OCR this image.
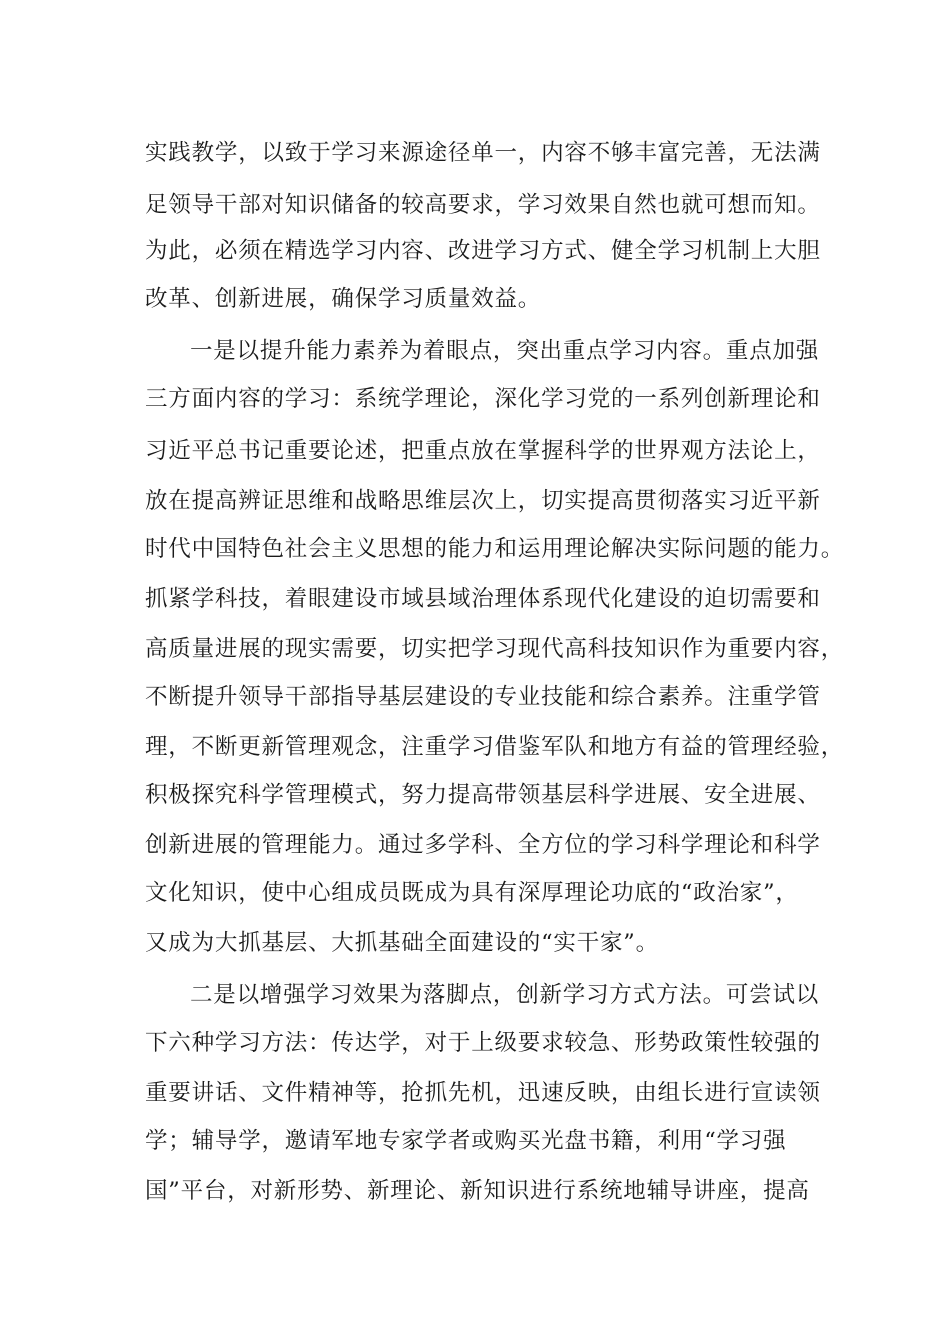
实践教学，以致于学习来源途径单一，内容不够丰富完善，无法满
足领导干部对知识储备的较高要求，学习效果自然也就可想而知。
为此，必须在精选学习内容、改进学习方式、健全学习机制上大胆
改革、创新进展，确保学习质量效益。
一是以提升能力素养为着眼点，突出重点学习内容。重点加强
三方面内容的学习：系统学理论，深化学习党的一系列创新理论和
习近平总书记重要论述，把重点放在掌握科学的世界观方法论上，
放在提高辨证思维和战略思维层次上，切实提高贯彻落实习近平新
时代中国特色社会主义思想的能力和运用理论解决实际问题的能力。
抓紧学科技，着眼建设市域县域治理体系现代化建设的迫切需要和
高质量进展的现实需要，切实把学习现代高科技知识作为重要内容，
不断提升领导干部指导基层建设的专业技能和综合素养。注重学管
理，不断更新管理观念，注重学习借鉴军队和地方有益的管理经验，
积极探究科学管理模式，努力提高带领基层科学进展、安全进展、
创新进展的管理能力。通过多学科、全方位的学习科学理论和科学
文化知识，使中心组成员既成为具有深厚理论功底的“政治家”，
又成为大抓基层、大抓基础全面建设的“实干家”。
二是以增强学习效果为落脚点，创新学习方式方法。可尝试以
下六种学习方法：传达学，对于上级要求较急、形势政策性较强的
重要讲话、文件精神等，抢抓先机，迅速反映，由组长进行宣读领
学；辅导学，邀请军地专家学者或购买光盘书籍，利用“学习强
国”平台，对新形势、新理论、新知识进行系统地辅导讲座，提高
